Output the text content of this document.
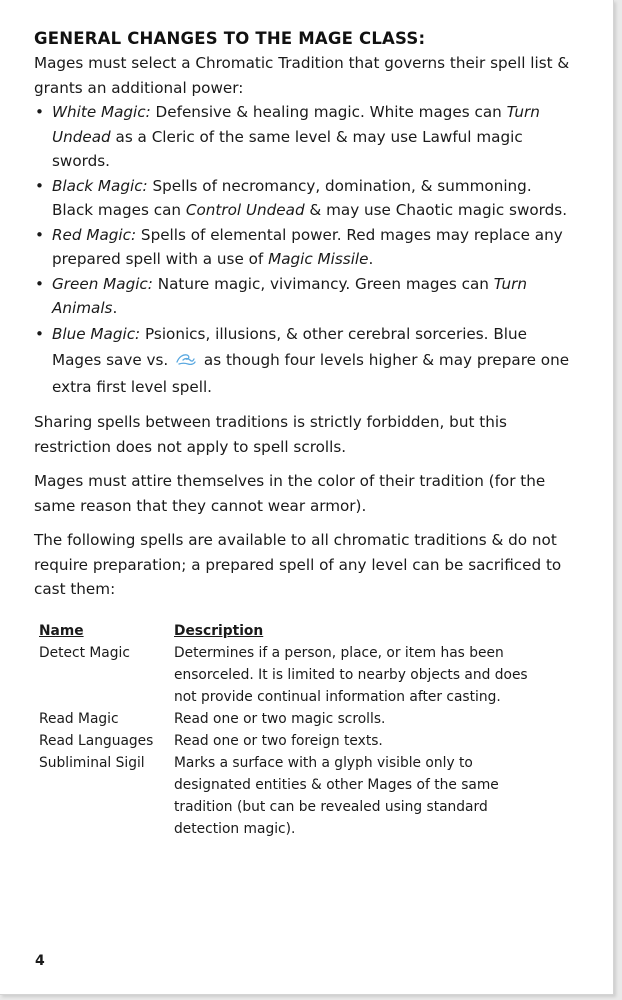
GENERAL CHANGES TO THE MAGE CLASS:

Mages must select a Chromatic Tradition that governs their spell list & grants an additional power:

• White Magic: Defensive & healing magic. White mages can Turn Undead as a Cleric of the same level & may use Lawful magic swords.
• Black Magic: Spells of necromancy, domination, & summoning. Black mages can Control Undead & may use Chaotic magic swords.
• Red Magic: Spells of elemental power. Red mages may replace any prepared spell with a use of Magic Missile.
• Green Magic: Nature magic, vivimancy. Green mages can Turn Animals.
• Blue Magic: Psionics, illusions, & other cerebral sorceries. Blue Mages save vs.  as though four levels higher & may prepare one extra first level spell.

Sharing spells between traditions is strictly forbidden, but this restriction does not apply to spell scrolls.

Mages must attire themselves in the color of their tradition (for the same reason that they cannot wear armor).

The following spells are available to all chromatic traditions & do not require preparation; a prepared spell of any level can be sacrificed to cast them:

Name	Description
Detect Magic	Determines if a person, place, or item has been ensorceled. It is limited to nearby objects and does not provide continual information after casting.
Read Magic	Read one or two magic scrolls.
Read Languages	Read one or two foreign texts.
Subliminal Sigil	Marks a surface with a glyph visible only to designated entities & other Mages of the same tradition (but can be revealed using standard detection magic).
4
